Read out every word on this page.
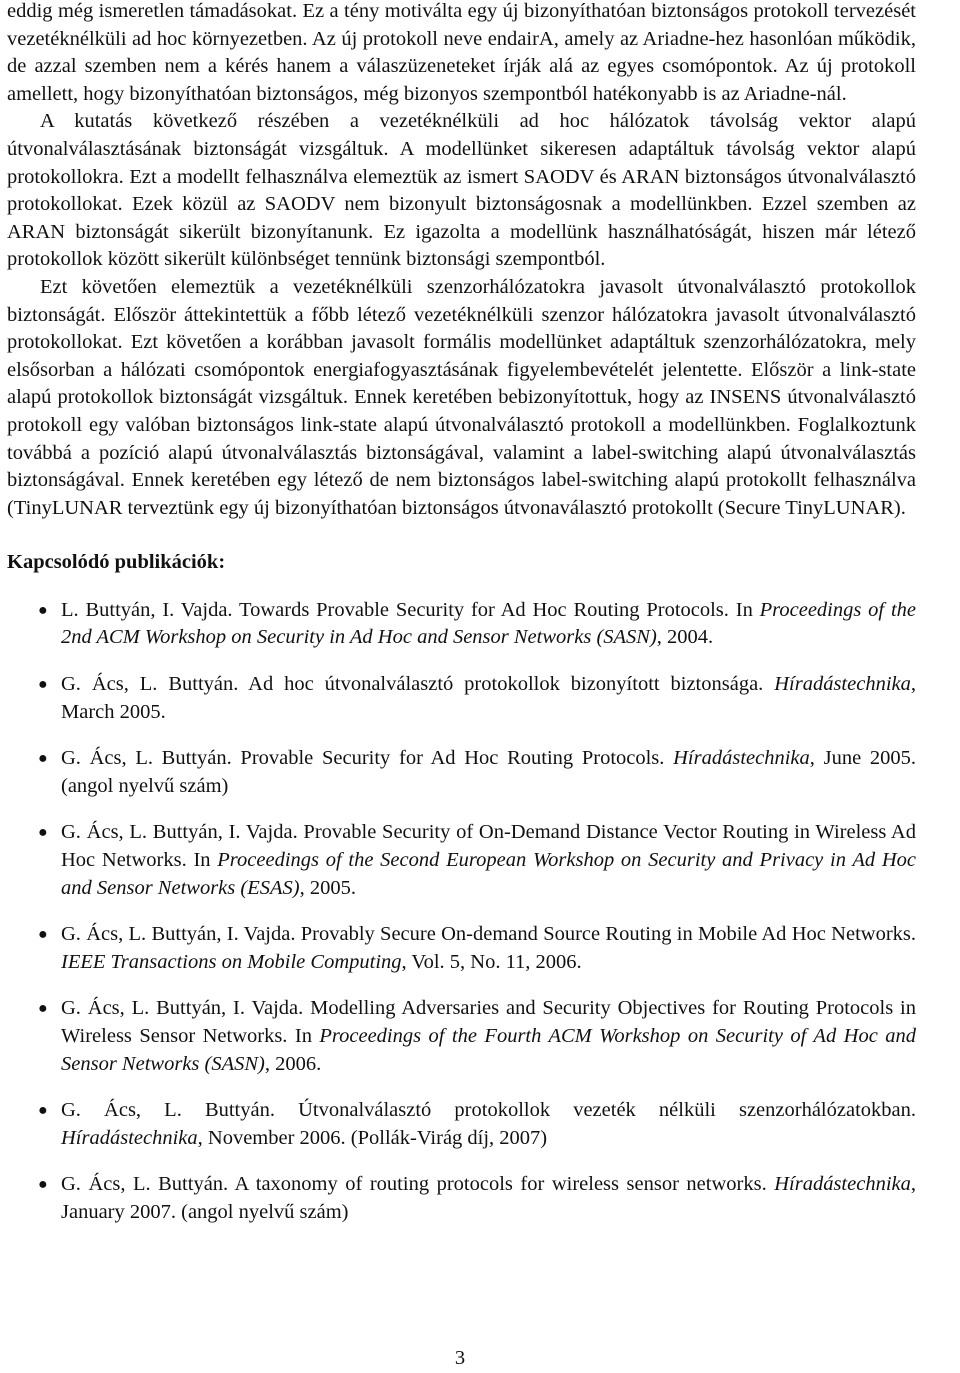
eddig még ismeretlen támadásokat. Ez a tény motiválta egy új bizonyíthatóan biztonságos protokoll tervezését vezetéknélküli ad hoc környezetben. Az új protokoll neve endairA, amely az Ariadne-hez hasonlóan működik, de azzal szemben nem a kérés hanem a válaszüzeneteket írják alá az egyes csomópontok. Az új protokoll amellett, hogy bizonyíthatóan biztonságos, még bizonyos szempontból hatékonyabb is az Ariadne-nál.

A kutatás következő részében a vezetéknélküli ad hoc hálózatok távolság vektor alapú útvonalválasztásának biztonságát vizsgáltuk. A modellünket sikeresen adaptáltuk távolság vektor alapú protokollokra. Ezt a modellt felhasználva elemeztük az ismert SAODV és ARAN biztonságos útvonalválasztó protokollokat. Ezek közül az SAODV nem bizonyult biztonságosnak a modellünkben. Ezzel szemben az ARAN biztonságát sikerült bizonyítanunk. Ez igazolta a modellünk használhatóságát, hiszen már létező protokollok között sikerült különbséget tennünk biztonsági szempontból.

Ezt követően elemeztük a vezetéknélküli szenzorhálózatokra javasolt útvonalválasztó protokollok biztonságát. Először áttekintettük a főbb létező vezetéknélküli szenzor hálózatokra javasolt útvonalválasztó protokollokat. Ezt követően a korábban javasolt formális modellünket adaptáltuk szenzorhálózatokra, mely elsősorban a hálózati csomópontok energiafogyasztásának figyelembevételét jelentette. Először a link-state alapú protokollok biztonságát vizsgáltuk. Ennek keretében bebizonyítottuk, hogy az INSENS útvonalválasztó protokoll egy valóban biztonságos link-state alapú útvonalválasztó protokoll a modellünkben. Foglalkoztunk továbbá a pozíció alapú útvonalválasztás biztonságával, valamint a label-switching alapú útvonalválasztás biztonságával. Ennek keretében egy létező de nem biztonságos label-switching alapú protokollt felhasználva (TinyLUNAR terveztünk egy új bizonyíthatóan biztonságos útvonaválasztó protokollt (Secure TinyLUNAR).

Kapcsolódó publikációk:
● L. Buttyán, I. Vajda. Towards Provable Security for Ad Hoc Routing Protocols. In Proceedings of the 2nd ACM Workshop on Security in Ad Hoc and Sensor Networks (SASN), 2004.
● G. Ács, L. Buttyán. Ad hoc útvonalválasztó protokollok bizonyított biztonsága. Híradástechnika, March 2005.
● G. Ács, L. Buttyán. Provable Security for Ad Hoc Routing Protocols. Híradástechnika, June 2005. (angol nyelvű szám)
● G. Ács, L. Buttyán, I. Vajda. Provable Security of On-Demand Distance Vector Routing in Wireless Ad Hoc Networks. In Proceedings of the Second European Workshop on Security and Privacy in Ad Hoc and Sensor Networks (ESAS), 2005.
● G. Ács, L. Buttyán, I. Vajda. Provably Secure On-demand Source Routing in Mobile Ad Hoc Networks. IEEE Transactions on Mobile Computing, Vol. 5, No. 11, 2006.
● G. Ács, L. Buttyán, I. Vajda. Modelling Adversaries and Security Objectives for Routing Protocols in Wireless Sensor Networks. In Proceedings of the Fourth ACM Workshop on Security of Ad Hoc and Sensor Networks (SASN), 2006.
● G. Ács, L. Buttyán. Útvonalválasztó protokollok vezeték nélküli szenzorhálózatokban. Híradástechnika, November 2006. (Pollák-Virág díj, 2007)
● G. Ács, L. Buttyán. A taxonomy of routing protocols for wireless sensor networks. Híradástechnika, January 2007. (angol nyelvű szám)
3
